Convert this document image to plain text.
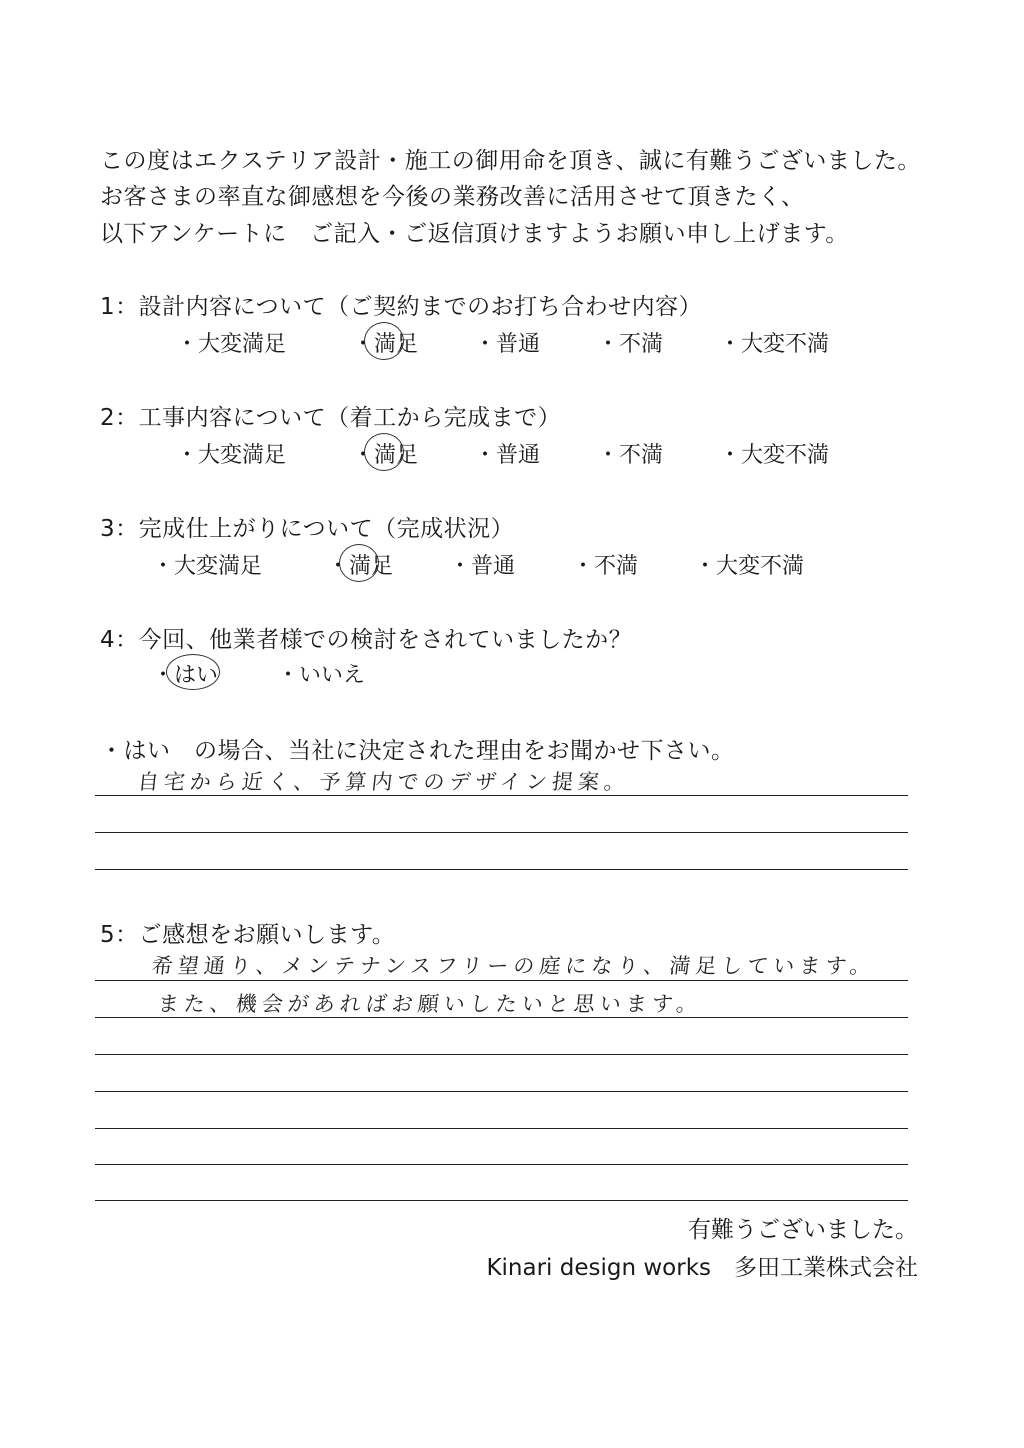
この度はエクステリア設計・施工の御用命を頂き、誠に有難うございました。
お客さまの率直な御感想を今後の業務改善に活用させて頂きたく、
以下アンケートに　ご記入・ご返信頂けますようお願い申し上げます。
1：設計内容について（ご契約までのお打ち合わせ内容）
・大変満足	・満足	・普通	・不満	・大変不満
2：工事内容について（着工から完成まで）
・大変満足	・満足	・普通	・不満	・大変不満
3：完成仕上がりについて（完成状況）
・大変満足	・満足	・普通	・不満	・大変不満
4：今回、他業者様での検討をされていましたか？
・はい	・いいえ
・はい　の場合、当社に決定された理由をお聞かせ下さい。
自宅から近く、予算内でのデザイン提案。
5：ご感想をお願いします。
希望通り、メンテナンスフリーの庭になり、満足しています。
また、機会があればお願いしたいと思います。
有難うございました。
Kinari design works　多田工業株式会社
